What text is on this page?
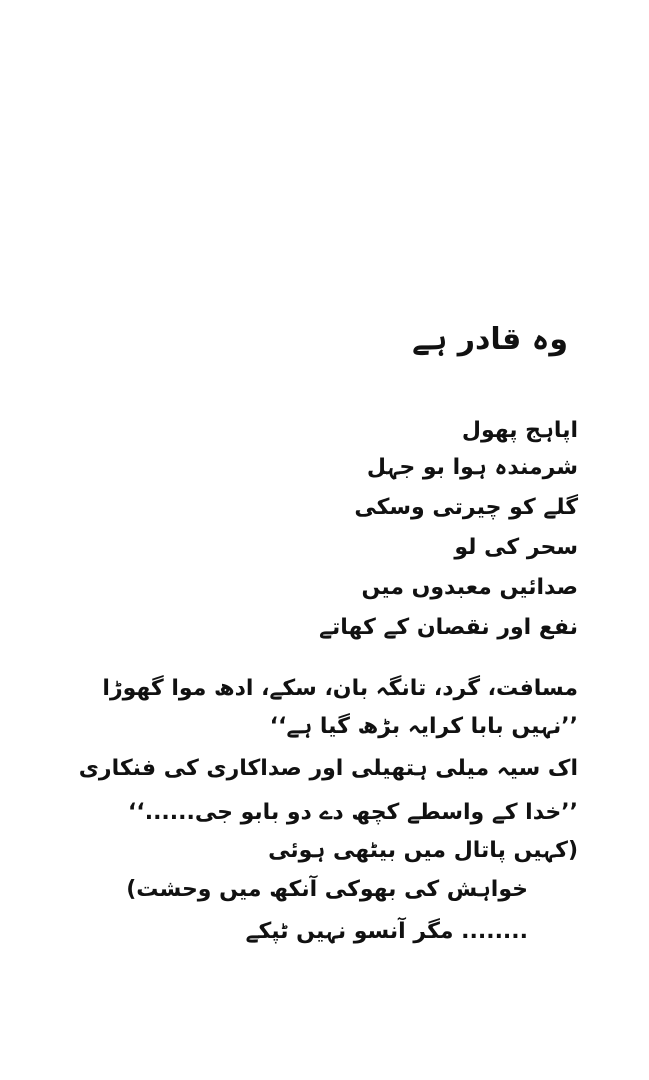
وہ قادر ہے
اپاہج پھول
شرمندہ ہوا بو جہل
گلے کو چیرتی وسکی
سحر کی لو
صدائیں معبدوں میں
نفع اور نقصان کے کھاتے
مسافت، گرد، تانگہ بان، سکے، ادھ موا گھوڑا
’’نہیں بابا کرایہ بڑھ گیا ہے‘‘
اک سیہ میلی ہتھیلی اور صداکاری کی فنکاری
’’خدا کے واسطے کچھ دے دو بابو جی......‘‘
(کہیں پاتال میں بیٹھی ہوئی
خواہش کی بھوکی آنکھ میں وحشت)
........ مگر آنسو نہیں ٹپکے
